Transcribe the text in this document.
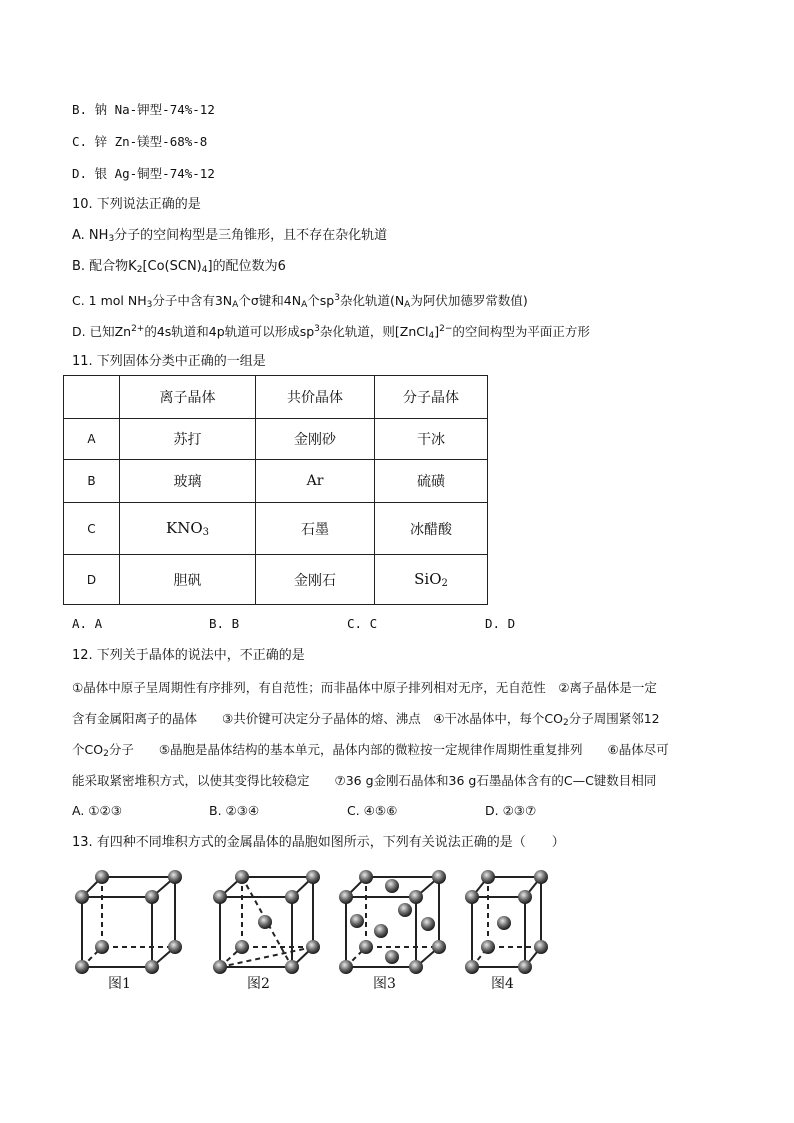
B. 钠 Na-钾型-74%-12
C. 锌 Zn-镁型-68%-8
D. 银 Ag-铜型-74%-12
10. 下列说法正确的是
A. $NH_3$分子的空间构型是三角锥形，且不存在杂化轨道
B. 配合物$K_2[Co(SCN)_4]$的配位数为6
C. 1 mol $NH_3$分子中含有$3N_A$个σ键和$4N_A$个$sp^3$杂化轨道($N_A$为阿伏加德罗常数值)
D. 已知$Zn^{2+}$的4s轨道和4p轨道可以形成$sp^3$杂化轨道，则[ZnCl$_4$]$^{2-}$的空间构型为平面正方形
11. 下列固体分类中正确的一组是
	离子晶体	共价晶体	分子晶体
A	苏打	金刚砂	干冰
B	玻璃	Ar	硫磺
C	$KNO_3$	石墨	冰醋酸
D	胆矾	金刚石	SiO$_2$
A. A	B. B	C. C	D. D
12. 下列关于晶体的说法中，不正确的是
①晶体中原子呈周期性有序排列，有自范性；而非晶体中原子排列相对无序，无自范性　②离子晶体是一定
含有金属阳离子的晶体　　③共价键可决定分子晶体的熔、沸点　④干冰晶体中，每个$CO_2$分子周围紧邻12
个$CO_2$分子　　⑤晶胞是晶体结构的基本单元，晶体内部的微粒按一定规律作周期性重复排列　　⑥晶体尽可
能采取紧密堆积方式，以使其变得比较稳定　　⑦36 g金刚石晶体和36 g石墨晶体含有的C—C键数目相同
A. ①②③	B. ②③④	C. ④⑤⑥	D. ②③⑦
13. 有四种不同堆积方式的金属晶体的晶胞如图所示，下列有关说法正确的是（　　）
图1	图2	图3	图4
